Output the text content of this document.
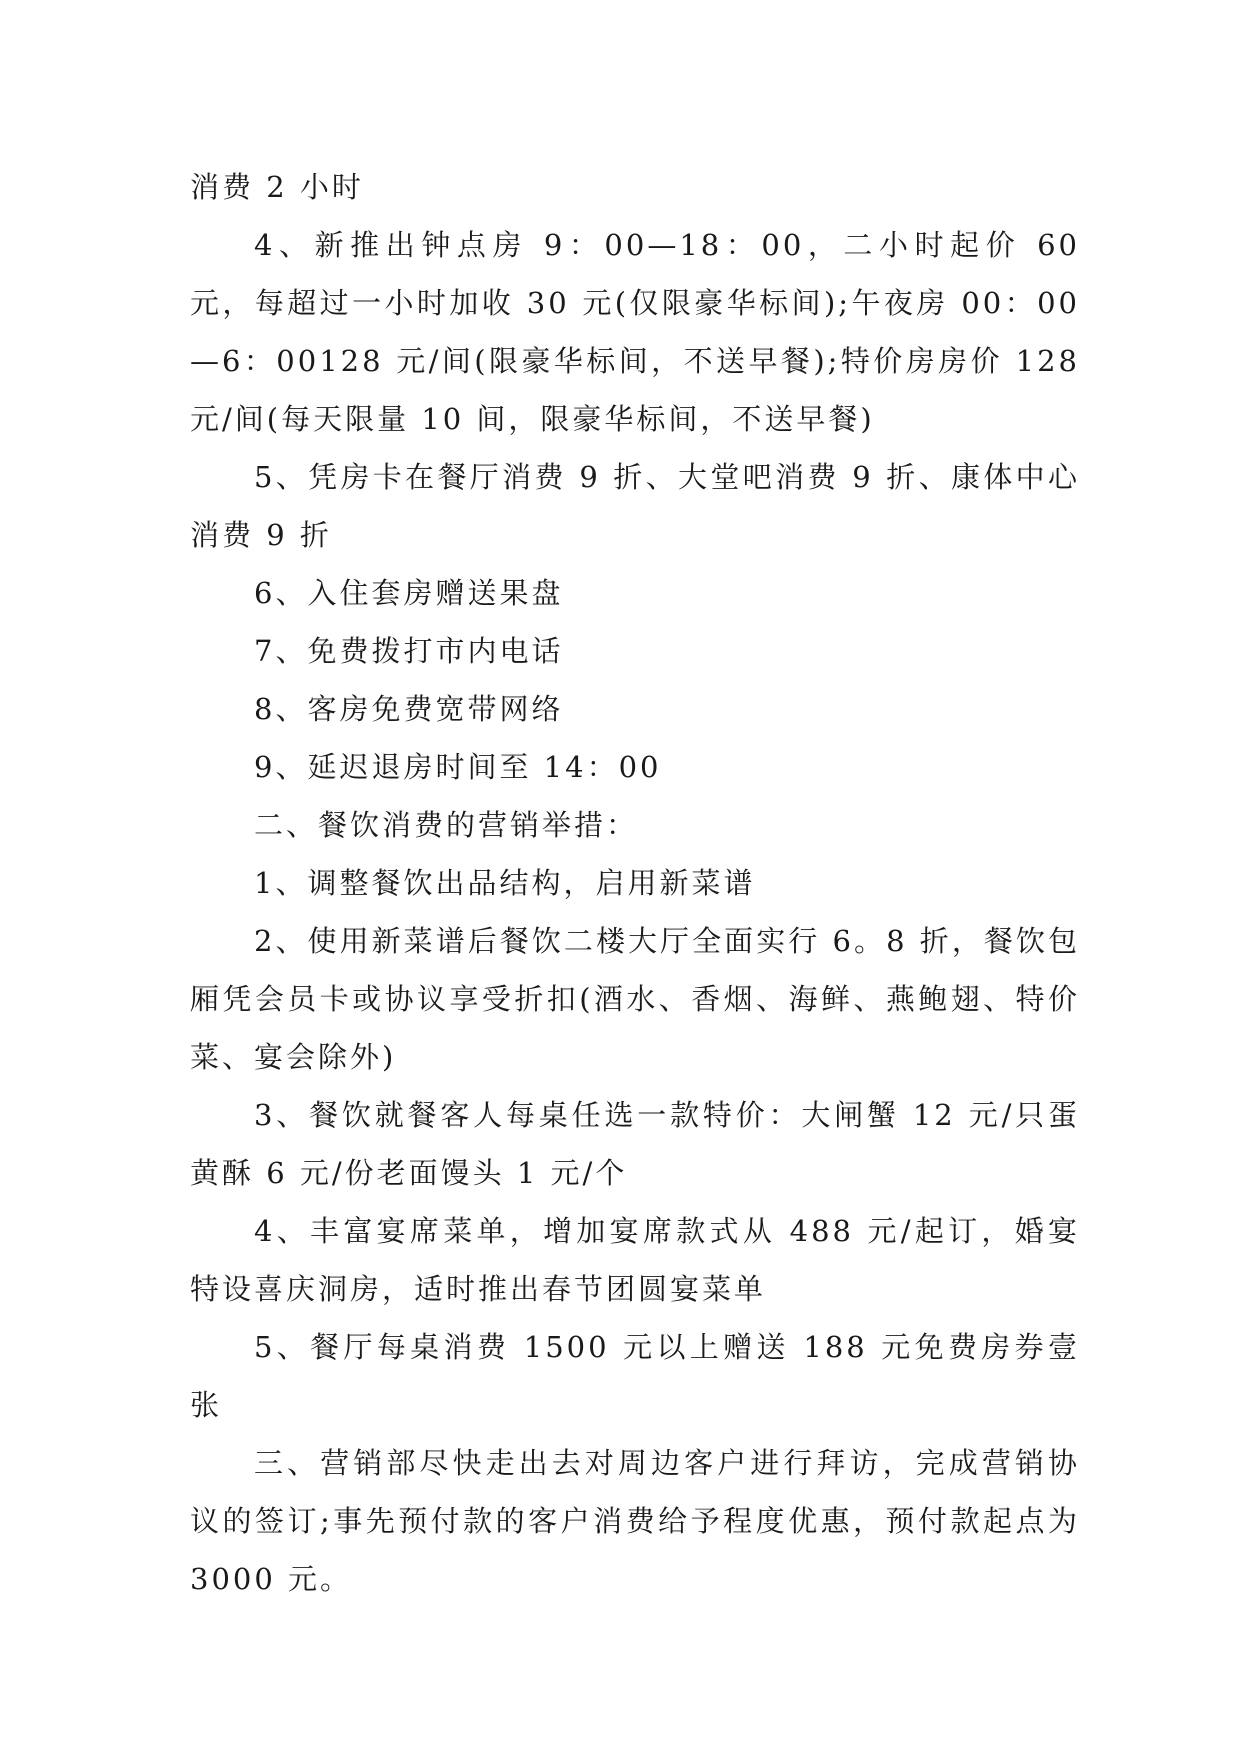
消费 2 小时

4、新推出钟点房 9：00—18：00，二小时起价 60 元，每超过一小时加收 30 元(仅限豪华标间);午夜房 00：00—6：00128 元/间(限豪华标间，不送早餐);特价房房价 128 元/间(每天限量 10 间，限豪华标间，不送早餐)

5、凭房卡在餐厅消费 9 折、大堂吧消费 9 折、康体中心消费 9 折

6、入住套房赠送果盘

7、免费拨打市内电话

8、客房免费宽带网络

9、延迟退房时间至 14：00

二、餐饮消费的营销举措：

1、调整餐饮出品结构，启用新菜谱

2、使用新菜谱后餐饮二楼大厅全面实行 6。8 折，餐饮包厢凭会员卡或协议享受折扣(酒水、香烟、海鲜、燕鲍翅、特价菜、宴会除外)

3、餐饮就餐客人每桌任选一款特价：大闸蟹 12 元/只蛋黄酥 6 元/份老面馒头 1 元/个

4、丰富宴席菜单，增加宴席款式从 488 元/起订，婚宴特设喜庆洞房，适时推出春节团圆宴菜单

5、餐厅每桌消费 1500 元以上赠送 188 元免费房券壹张

三、营销部尽快走出去对周边客户进行拜访，完成营销协议的签订;事先预付款的客户消费给予程度优惠，预付款起点为 3000 元。
